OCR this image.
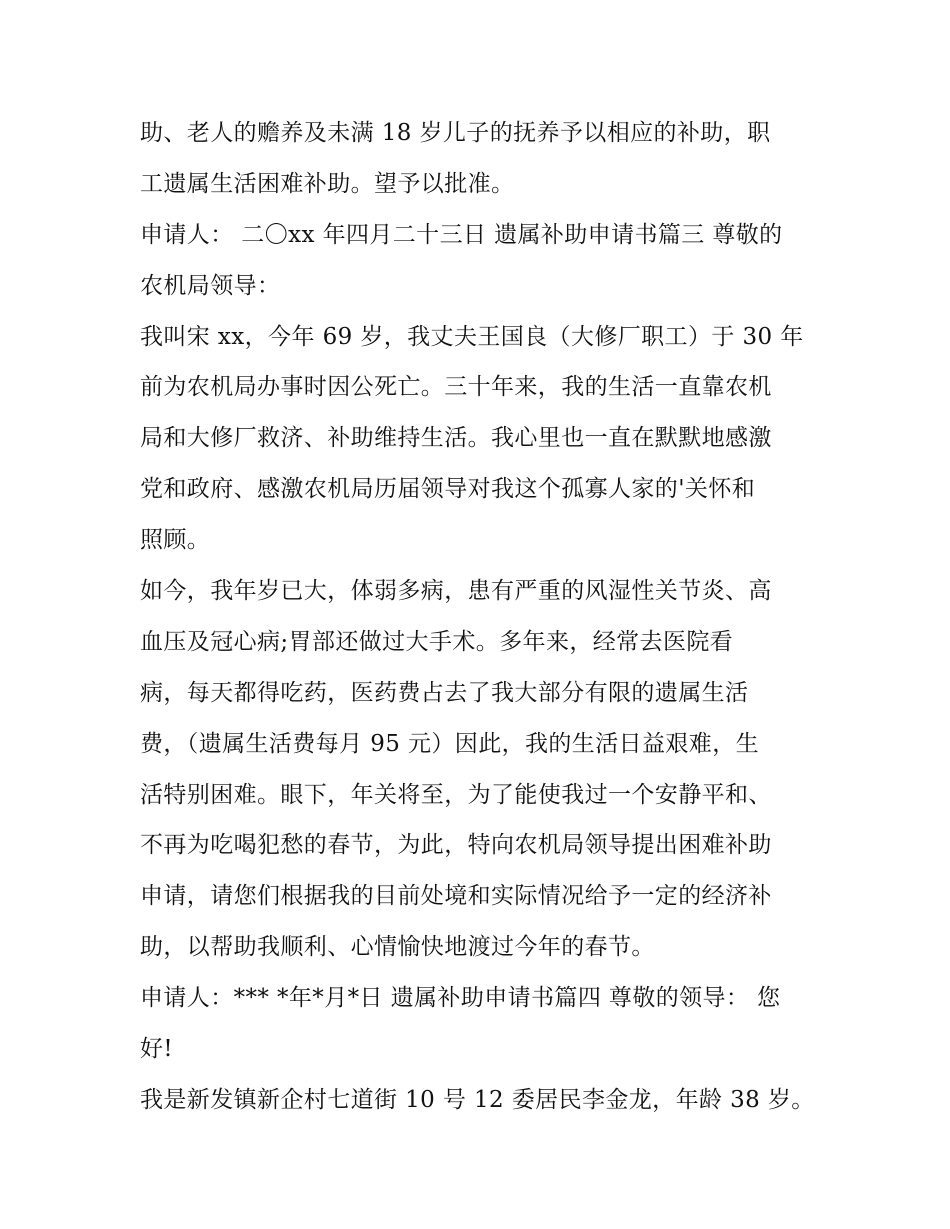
助、老人的赡养及未满 18 岁儿子的抚养予以相应的补助，职
工遗属生活困难补助。望予以批准。
申请人： 二〇xx 年四月二十三日 遗属补助申请书篇三 尊敬的
农机局领导：
我叫宋 xx，今年 69 岁，我丈夫王国良（大修厂职工）于 30 年
前为农机局办事时因公死亡。三十年来，我的生活一直靠农机
局和大修厂救济、补助维持生活。我心里也一直在默默地感激
党和政府、感激农机局历届领导对我这个孤寡人家的'关怀和
照顾。
如今，我年岁已大，体弱多病，患有严重的风湿性关节炎、高
血压及冠心病;胃部还做过大手术。多年来，经常去医院看
病，每天都得吃药，医药费占去了我大部分有限的遗属生活
费，（遗属生活费每月 95 元）因此，我的生活日益艰难，生
活特别困难。眼下，年关将至，为了能使我过一个安静平和、
不再为吃喝犯愁的春节，为此，特向农机局领导提出困难补助
申请，请您们根据我的目前处境和实际情况给予一定的经济补
助，以帮助我顺利、心情愉快地渡过今年的春节。
申请人：*** *年*月*日 遗属补助申请书篇四 尊敬的领导： 您
好!
我是新发镇新企村七道街 10 号 12 委居民李金龙，年龄 38 岁。
